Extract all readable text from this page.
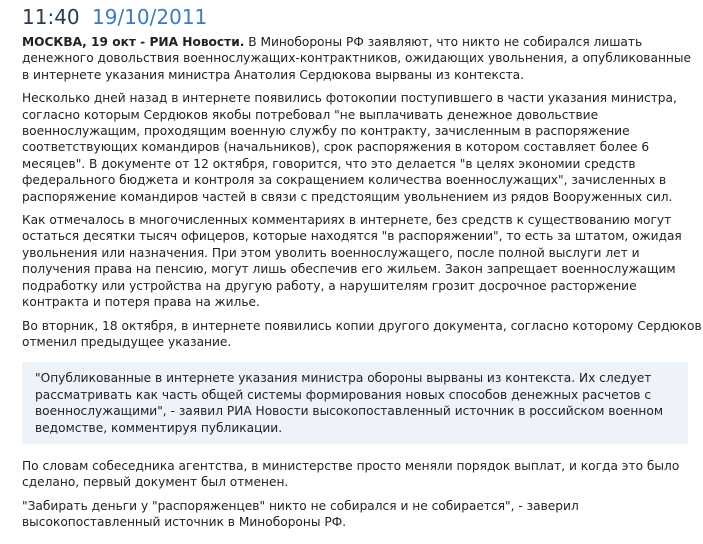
11:40 19/10/2011

МОСКВА, 19 окт - РИА Новости. В Минобороны РФ заявляют, что никто не собирался лишать денежного довольствия военнослужащих-контрактников, ожидающих увольнения, а опубликованные в интернете указания министра Анатолия Сердюкова вырваны из контекста.

Несколько дней назад в интернете появились фотокопии поступившего в части указания министра, согласно которым Сердюков якобы потребовал "не выплачивать денежное довольствие военнослужащим, проходящим военную службу по контракту, зачисленным в распоряжение соответствующих командиров (начальников), срок распоряжения в котором составляет более 6 месяцев". В документе от 12 октября, говорится, что это делается "в целях экономии средств федерального бюджета и контроля за сокращением количества военнослужащих", зачисленных в распоряжение командиров частей в связи с предстоящим увольнением из рядов Вооруженных сил.

Как отмечалось в многочисленных комментариях в интернете, без средств к существованию могут остаться десятки тысяч офицеров, которые находятся "в распоряжении", то есть за штатом, ожидая увольнения или назначения. При этом уволить военнослужащего, после полной выслуги лет и получения права на пенсию, могут лишь обеспечив его жильем. Закон запрещает военнослужащим подработку или устройства на другую работу, а нарушителям грозит досрочное расторжение контракта и потеря права на жилье.

Во вторник, 18 октября, в интернете появились копии другого документа, согласно которому Сердюков отменил предыдущее указание.

"Опубликованные в интернете указания министра обороны вырваны из контекста. Их следует рассматривать как часть общей системы формирования новых способов денежных расчетов с военнослужащими", - заявил РИА Новости высокопоставленный источник в российском военном ведомстве, комментируя публикации.

По словам собеседника агентства, в министерстве просто меняли порядок выплат, и когда это было сделано, первый документ был отменен.

"Забирать деньги у "распоряженцев" никто не собирался и не собирается", - заверил высокопоставленный источник в Минобороны РФ.
